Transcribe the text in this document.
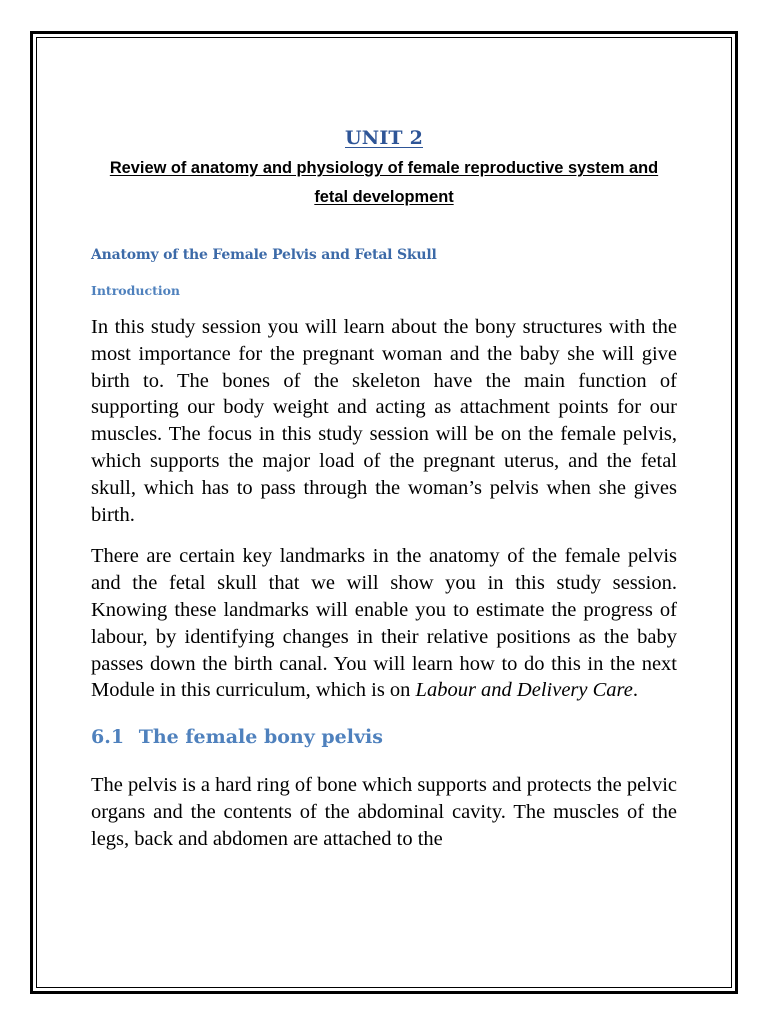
UNIT 2
Review of anatomy and physiology of female reproductive system and
fetal development
Anatomy of the Female Pelvis and Fetal Skull
Introduction

In this study session you will learn about the bony structures with the most importance for the pregnant woman and the baby she will give birth to. The bones of the skeleton have the main function of supporting our body weight and acting as attachment points for our muscles. The focus in this study session will be on the female pelvis, which supports the major load of the pregnant uterus, and the fetal skull, which has to pass through the woman’s pelvis when she gives birth.

There are certain key landmarks in the anatomy of the female pelvis and the fetal skull that we will show you in this study session. Knowing these landmarks will enable you to estimate the progress of labour, by identifying changes in their relative positions as the baby passes down the birth canal. You will learn how to do this in the next Module in this curriculum, which is on Labour and Delivery Care.

6.1 The female bony pelvis

The pelvis is a hard ring of bone which supports and protects the pelvic organs and the contents of the abdominal cavity. The muscles of the legs, back and abdomen are attached to the
